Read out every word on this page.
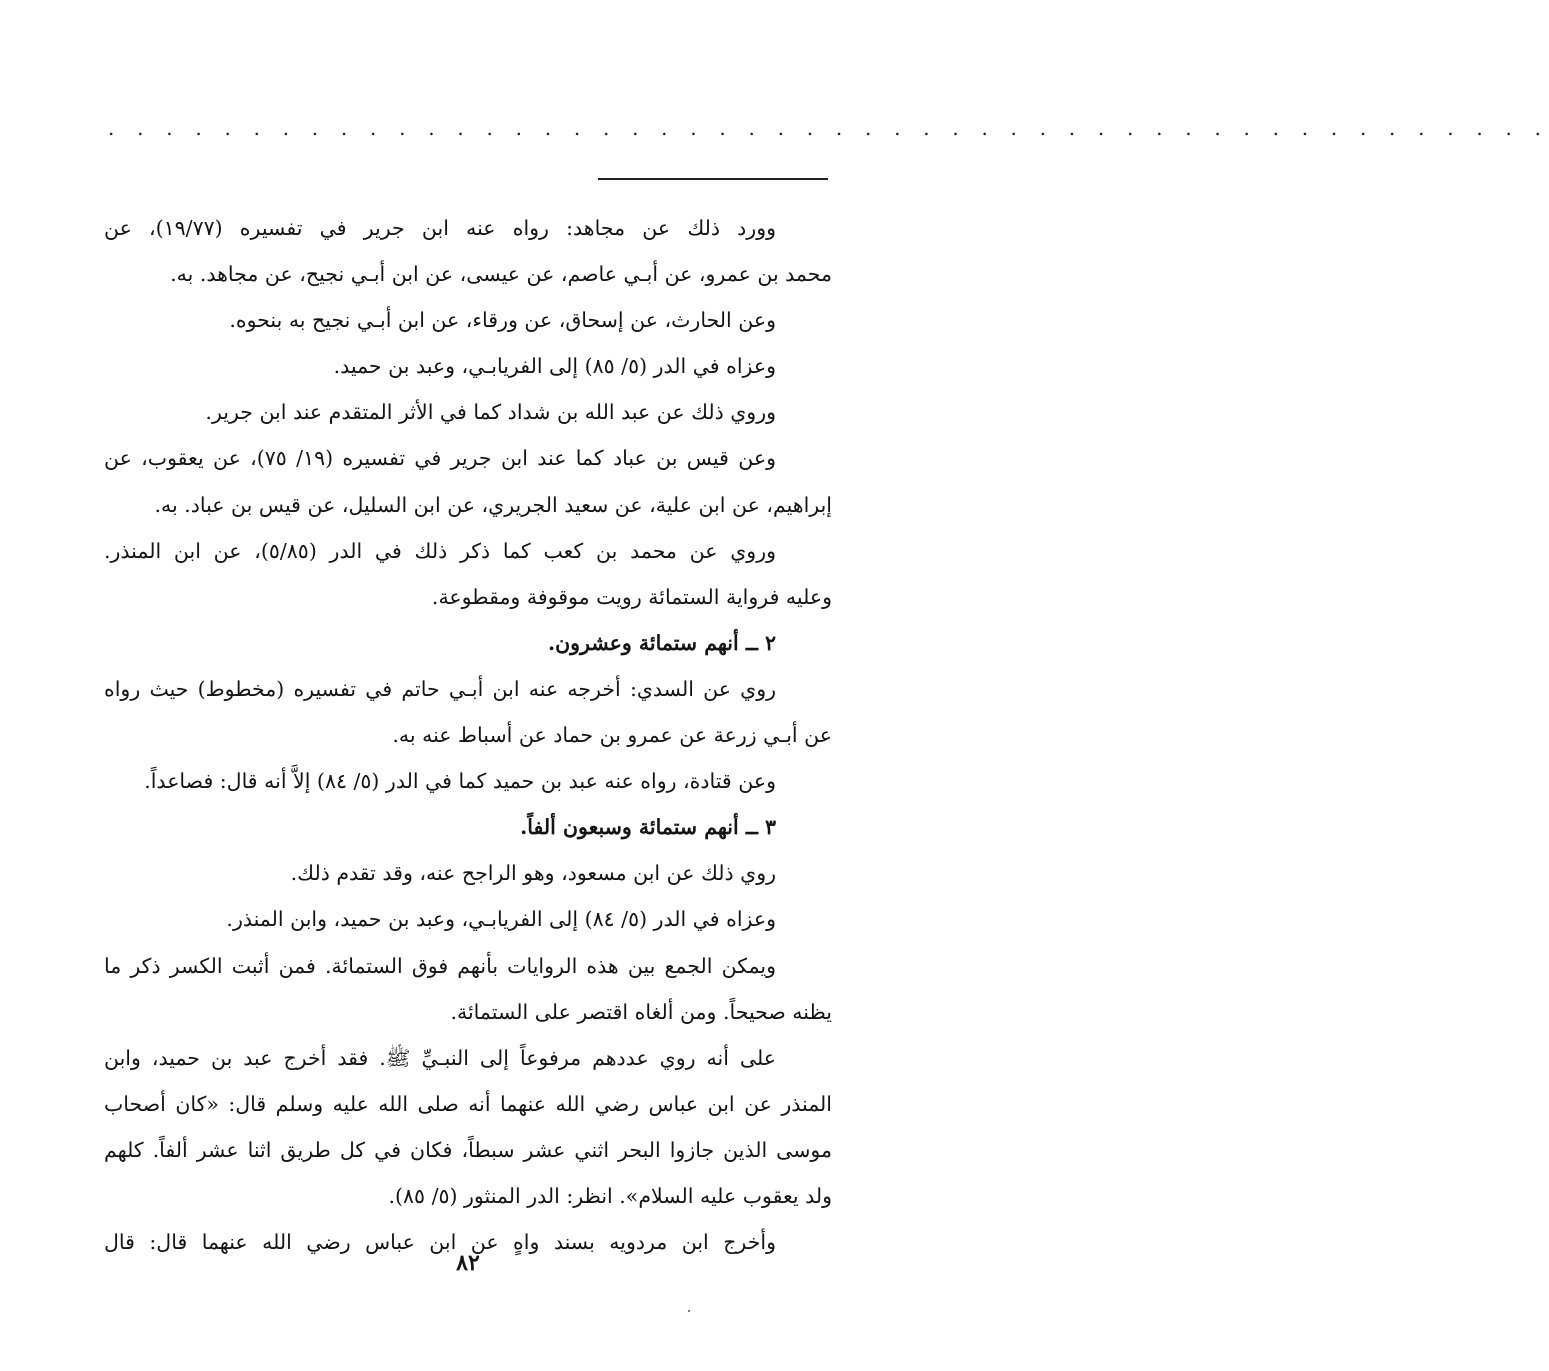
. . . . . . . . . . . . . . . . . . . . . . . . . . . . . . . . . . . . . . . . . . . . . . . . . .
وورد ذلك عن مجاهد: رواه عنه ابن جرير في تفسيره (١٩/٧٧)، عن
محمد بن عمرو، عن أبـي عاصم، عن عيسى، عن ابن أبـي نجيح، عن مجاهد. به.
وعن الحارث، عن إسحاق، عن ورقاء، عن ابن أبـي نجيح به بنحوه.
وعزاه في الدر (٥/ ٨٥) إلى الفريابـي، وعبد بن حميد.
وروي ذلك عن عبد الله بن شداد كما في الأثر المتقدم عند ابن جرير.
وعن قيس بن عباد كما عند ابن جرير في تفسيره (١٩/ ٧٥)، عن يعقوب، عن
إبراهيم، عن ابن علية، عن سعيد الجريري، عن ابن السليل، عن قيس بن عباد. به.
وروي عن محمد بن كعب كما ذكر ذلك في الدر (٥/٨٥)، عن ابن المنذر.
وعليه فرواية الستمائة رويت موقوفة ومقطوعة.
٢ ــ أنهم ستمائة وعشرون.
روي عن السدي: أخرجه عنه ابن أبـي حاتم في تفسيره (مخطوط) حيث رواه
عن أبـي زرعة عن عمرو بن حماد عن أسباط عنه به.
وعن قتادة، رواه عنه عبد بن حميد كما في الدر (٥/ ٨٤) إلاَّ أنه قال: فصاعداً.
٣ ــ أنهم ستمائة وسبعون ألفاً.
روي ذلك عن ابن مسعود، وهو الراجح عنه، وقد تقدم ذلك.
وعزاه في الدر (٥/ ٨٤) إلى الفريابـي، وعبد بن حميد، وابن المنذر.
ويمكن الجمع بين هذه الروايات بأنهم فوق الستمائة. فمن أثبت الكسر ذكر ما
يظنه صحيحاً. ومن ألغاه اقتصر على الستمائة.
على أنه روي عددهم مرفوعاً إلى النبـيِّ ﷺ. فقد أخرج عبد بن حميد، وابن
المنذر عن ابن عباس رضي الله عنهما أنه صلى الله عليه وسلم قال: «كان أصحاب
موسى الذين جازوا البحر اثني عشر سبطاً، فكان في كل طريق اثنا عشر ألفاً. كلهم
ولد يعقوب عليه السلام». انظر: الدر المنثور (٥/ ٨٥).
وأخرج ابن مردويه بسند واهٍ عن ابن عباس رضي الله عنهما قال: قال
٨٢
